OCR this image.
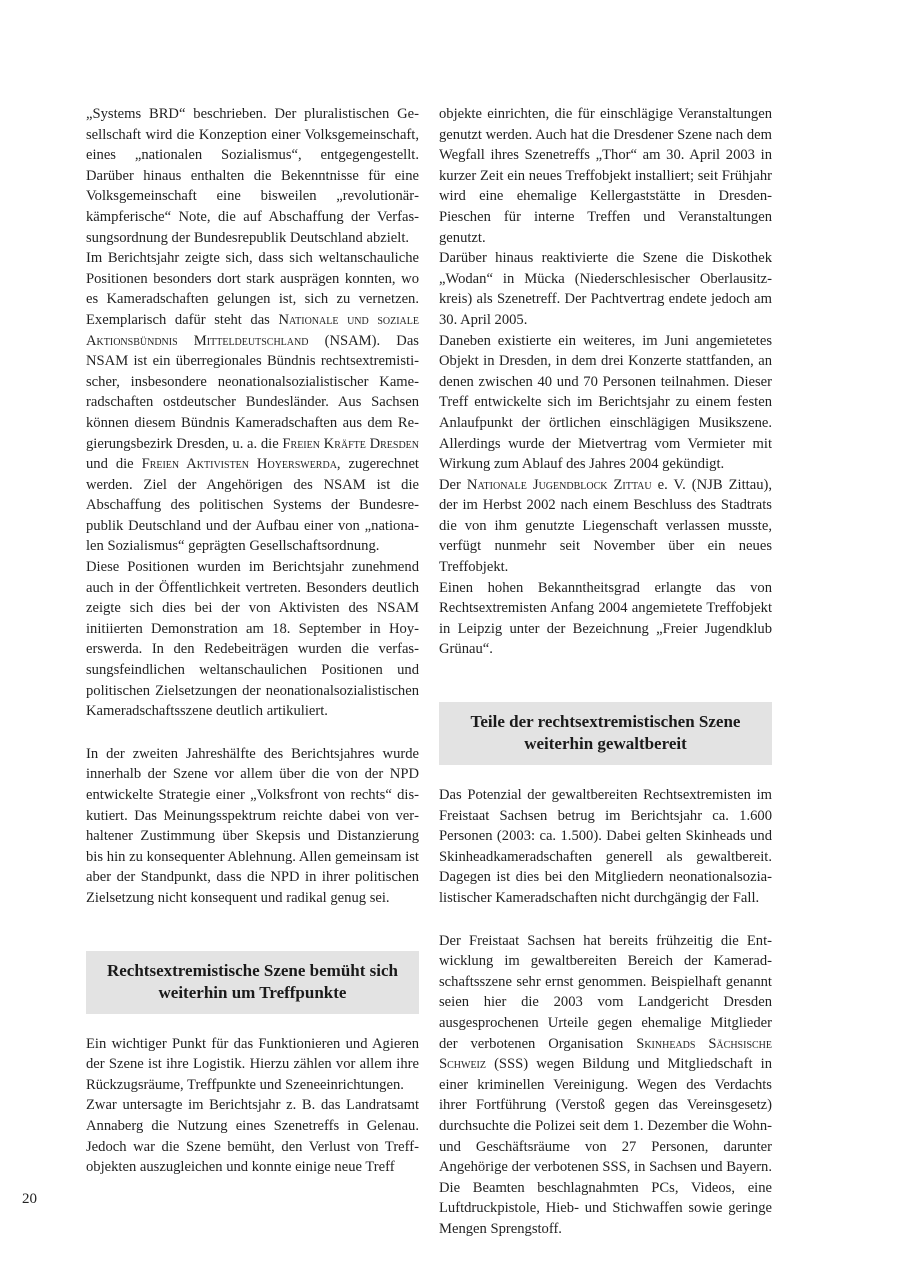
„Systems BRD“ beschrieben. Der pluralistischen Gesellschaft wird die Konzeption einer Volksgemeinschaft, eines „nationalen Sozialismus“, entgegengestellt. Darüber hinaus enthalten die Bekenntnisse für eine Volksgemeinschaft eine bisweilen „revolutionärkämpferische“ Note, die auf Abschaffung der Verfassungsordnung der Bundesrepublik Deutschland abzielt.

Im Berichtsjahr zeigte sich, dass sich weltanschauliche Positionen besonders dort stark ausprägen konnten, wo es Kameradschaften gelungen ist, sich zu vernetzen. Exemplarisch dafür steht das Nationale und soziale Aktionsbündnis Mitteldeutschland (NSAM). Das NSAM ist ein überregionales Bündnis rechtsextremistischer, insbesondere neonationalsozialistischer Kameradschaften ostdeutscher Bundesländer. Aus Sachsen können diesem Bündnis Kameradschaften aus dem Regierungsbezirk Dresden, u. a. die Freien Kräfte Dresden und die Freien Aktivisten Hoyerswerda, zugerechnet werden. Ziel der Angehörigen des NSAM ist die Abschaffung des politischen Systems der Bundesrepublik Deutschland und der Aufbau einer von „nationalen Sozialismus“ geprägten Gesellschaftsordnung.

Diese Positionen wurden im Berichtsjahr zunehmend auch in der Öffentlichkeit vertreten. Besonders deutlich zeigte sich dies bei der von Aktivisten des NSAM initiierten Demonstration am 18. September in Hoyerswerda. In den Redebeiträgen wurden die verfassungsfeindlichen weltanschaulichen Positionen und politischen Zielsetzungen der neonationalsozialistischen Kameradschaftsszene deutlich artikuliert.

In der zweiten Jahreshälfte des Berichtsjahres wurde innerhalb der Szene vor allem über die von der NPD entwickelte Strategie einer „Volksfront von rechts“ diskutiert. Das Meinungsspektrum reichte dabei von verhaltener Zustimmung über Skepsis und Distanzierung bis hin zu konsequenter Ablehnung. Allen gemeinsam ist aber der Standpunkt, dass die NPD in ihrer politischen Zielsetzung nicht konsequent und radikal genug sei.

Rechtsextremistische Szene bemüht sich weiterhin um Treffpunkte

Ein wichtiger Punkt für das Funktionieren und Agieren der Szene ist ihre Logistik. Hierzu zählen vor allem ihre Rückzugsräume, Treffpunkte und Szeneeinrichtungen.

Zwar untersagte im Berichtsjahr z. B. das Landratsamt Annaberg die Nutzung eines Szenetreffs in Gelenau. Jedoch war die Szene bemüht, den Verlust von Treffobjekten auszugleichen und konnte einige neue Treff

objekte einrichten, die für einschlägige Veranstaltungen genutzt werden. Auch hat die Dresdener Szene nach dem Wegfall ihres Szenetreffs „Thor“ am 30. April 2003 in kurzer Zeit ein neues Treffobjekt installiert; seit Frühjahr wird eine ehemalige Kellergaststätte in Dresden-Pieschen für interne Treffen und Veranstaltungen genutzt.

Darüber hinaus reaktivierte die Szene die Diskothek „Wodan“ in Mücka (Niederschlesischer Oberlausitzkreis) als Szenetreff. Der Pachtvertrag endete jedoch am 30. April 2005.

Daneben existierte ein weiteres, im Juni angemietetes Objekt in Dresden, in dem drei Konzerte stattfanden, an denen zwischen 40 und 70 Personen teilnahmen. Dieser Treff entwickelte sich im Berichtsjahr zu einem festen Anlaufpunkt der örtlichen einschlägigen Musikszene. Allerdings wurde der Mietvertrag vom Vermieter mit Wirkung zum Ablauf des Jahres 2004 gekündigt.

Der Nationale Jugendblock Zittau e. V. (NJB Zittau), der im Herbst 2002 nach einem Beschluss des Stadtrats die von ihm genutzte Liegenschaft verlassen musste, verfügt nunmehr seit November über ein neues Treffobjekt.

Einen hohen Bekanntheitsgrad erlangte das von Rechtsextremisten Anfang 2004 angemietete Treffobjekt in Leipzig unter der Bezeichnung „Freier Jugendklub Grünau“.

Teile der rechtsextremistischen Szene weiterhin gewaltbereit

Das Potenzial der gewaltbereiten Rechtsextremisten im Freistaat Sachsen betrug im Berichtsjahr ca. 1.600 Personen (2003: ca. 1.500). Dabei gelten Skinheads und Skinheadkameradschaften generell als gewaltbereit. Dagegen ist dies bei den Mitgliedern neonationalsozialistischer Kameradschaften nicht durchgängig der Fall.

Der Freistaat Sachsen hat bereits frühzeitig die Entwicklung im gewaltbereiten Bereich der Kameradschaftsszene sehr ernst genommen. Beispielhaft genannt seien hier die 2003 vom Landgericht Dresden ausgesprochenen Urteile gegen ehemalige Mitglieder der verbotenen Organisation Skinheads Sächsische Schweiz (SSS) wegen Bildung und Mitgliedschaft in einer kriminellen Vereinigung. Wegen des Verdachts ihrer Fortführung (Verstoß gegen das Vereinsgesetz) durchsuchte die Polizei seit dem 1. Dezember die Wohn- und Geschäftsräume von 27 Personen, darunter Angehörige der verbotenen SSS, in Sachsen und Bayern. Die Beamten beschlagnahmten PCs, Videos, eine Luftdruckpistole, Hieb- und Stichwaffen sowie geringe Mengen Sprengstoff.

20
